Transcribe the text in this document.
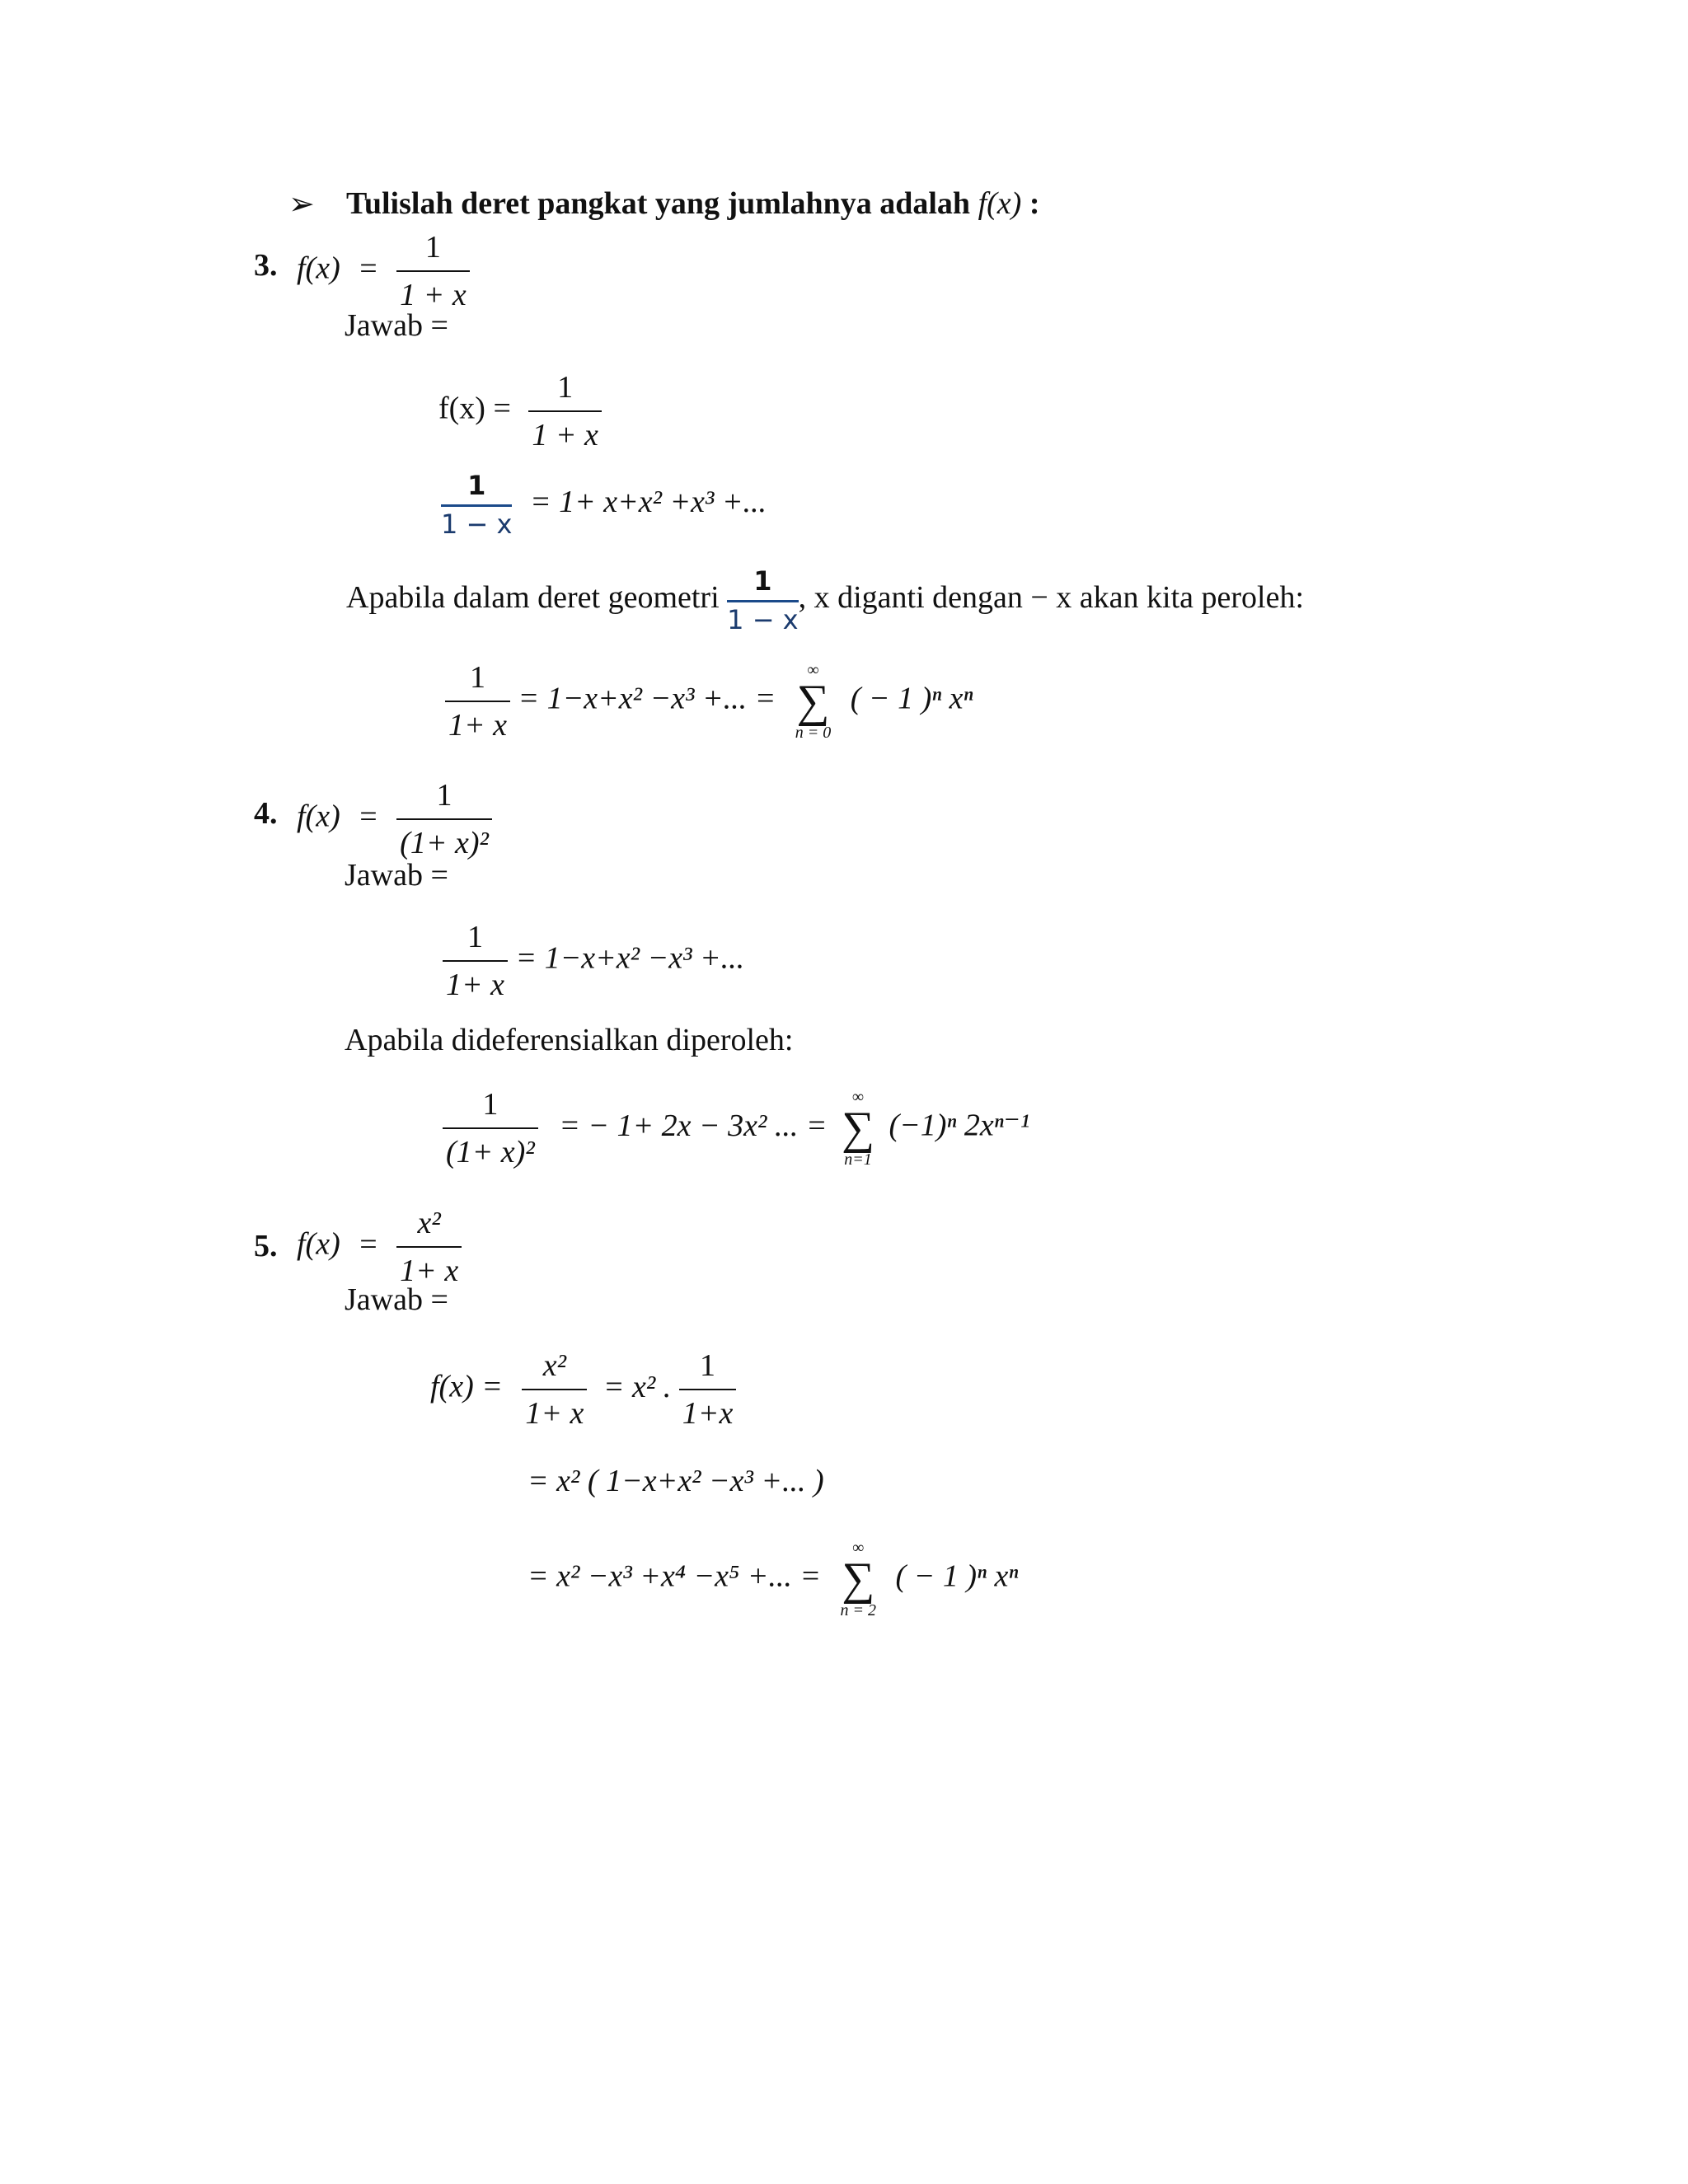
➢ Tulislah deret pangkat yang jumlahnya adalah f(x) :
3. $f(x) = \frac{1}{1 + x}$
Jawab =
$f(x) = \frac{1}{1 + x}$
$\frac{1}{1 - x} = 1+ x+x^2 +x^3$ +...
Apabila dalam deret geometri $\frac{1}{1 - x}$ , x diganti dengan − x akan kita peroleh:
$\frac{1}{1+ x} = 1-x+x^2 -x^3$ +... =
∞
∑
n = 0
( − 1 )ⁿ xⁿ
4. $f(x) = \frac{1}{\text{(1+ x)²}}$
Jawab =
$\frac{1}{1+ x} = 1-x+x^2 -x^3$ +...
Apabila dideferensialkan diperoleh:
$\frac{1}{\text{(1+ x)²}}$ = − 1+ 2x − 3x² ... =
∞
∑
n=1
(−1)ⁿ 2xⁿ⁻¹
5. $f(x) = \frac{\text{x²}}{1+ x}$
Jawab =
$f(x) = \frac{\text{x²}}{1+ x} = x^2$ . $\frac{1}{1+x}$
= x² ( 1−x+x² −x³ +... )
= x² −x³ +x⁴ −x⁵ +... =
∞
∑
n = 2
( − 1 )ⁿ xⁿ
